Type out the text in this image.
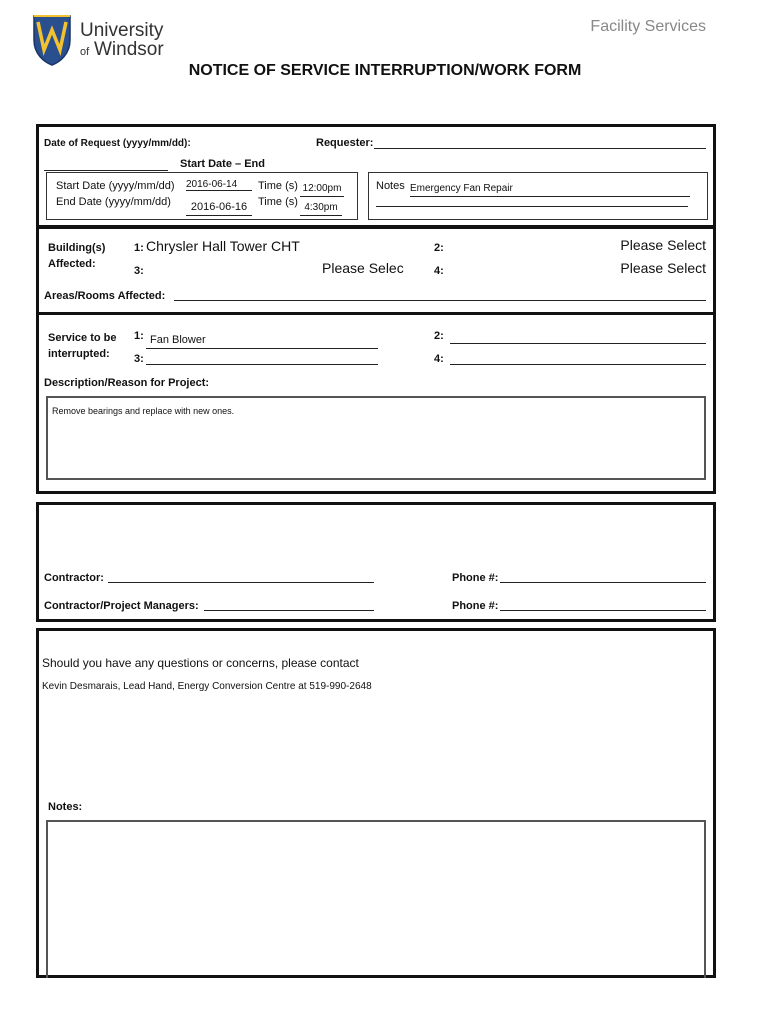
University
of Windsor
Facility Services
NOTICE OF SERVICE INTERRUPTION/WORK FORM
Date of Request (yyyy/mm/dd):	Requester:
Start Date – End
Start Date (yyyy/mm/dd) 2016-06-14	Time (s) 12:00pm
End Date (yyyy/mm/dd)	2016-06-16 Time (s) 4:30pm
Notes Emergency Fan Repair
Building(s)
Affected:
1: Chrysler Hall Tower CHT	2:	Please Select
3:	Please Selec	4:	Please Select
Areas/Rooms Affected:
Service to be
interrupted:
1: Fan Blower	2:
3:	4:
Description/Reason for Project:
Remove bearings and replace with new ones.
Contractor:	Phone #:
Contractor/Project Managers:	Phone #:
Should you have any questions or concerns, please contact
Kevin Desmarais, Lead Hand, Energy Conversion Centre at 519-990-2648
Notes:
